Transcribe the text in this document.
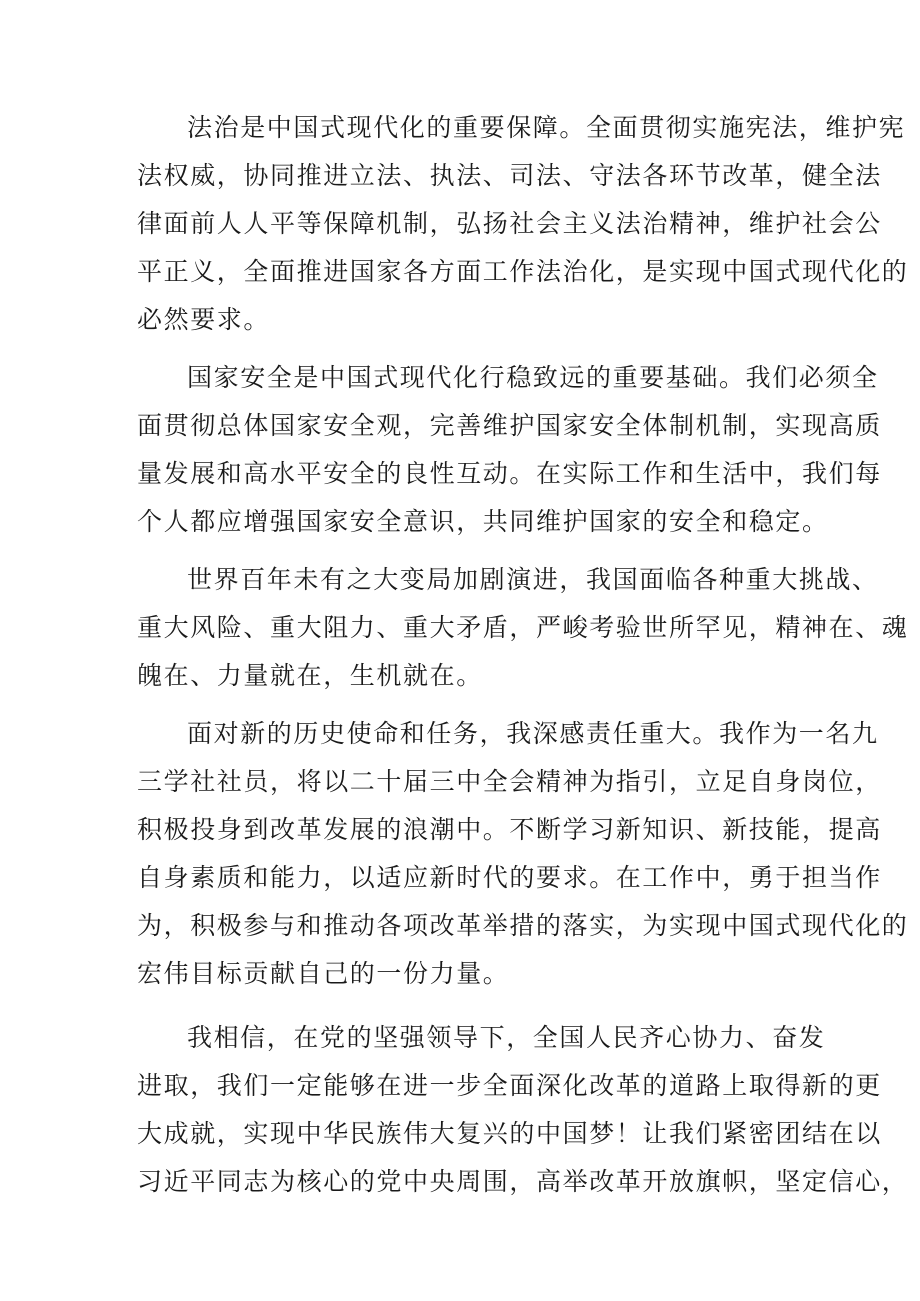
法治是中国式现代化的重要保障。全面贯彻实施宪法，维护宪
法权威，协同推进立法、执法、司法、守法各环节改革，健全法
律面前人人平等保障机制，弘扬社会主义法治精神，维护社会公
平正义，全面推进国家各方面工作法治化，是实现中国式现代化的
必然要求。
国家安全是中国式现代化行稳致远的重要基础。我们必须全
面贯彻总体国家安全观，完善维护国家安全体制机制，实现高质
量发展和高水平安全的良性互动。在实际工作和生活中，我们每
个人都应增强国家安全意识，共同维护国家的安全和稳定。
世界百年未有之大变局加剧演进，我国面临各种重大挑战、
重大风险、重大阻力、重大矛盾，严峻考验世所罕见，精神在、魂
魄在、力量就在，生机就在。
面对新的历史使命和任务，我深感责任重大。我作为一名九
三学社社员，将以二十届三中全会精神为指引，立足自身岗位，
积极投身到改革发展的浪潮中。不断学习新知识、新技能，提高
自身素质和能力，以适应新时代的要求。在工作中，勇于担当作
为，积极参与和推动各项改革举措的落实，为实现中国式现代化的
宏伟目标贡献自己的一份力量。
我相信，在党的坚强领导下，全国人民齐心协力、奋发
进取，我们一定能够在进一步全面深化改革的道路上取得新的更
大成就，实现中华民族伟大复兴的中国梦！让我们紧密团结在以
习近平同志为核心的党中央周围，高举改革开放旗帜，坚定信心，
